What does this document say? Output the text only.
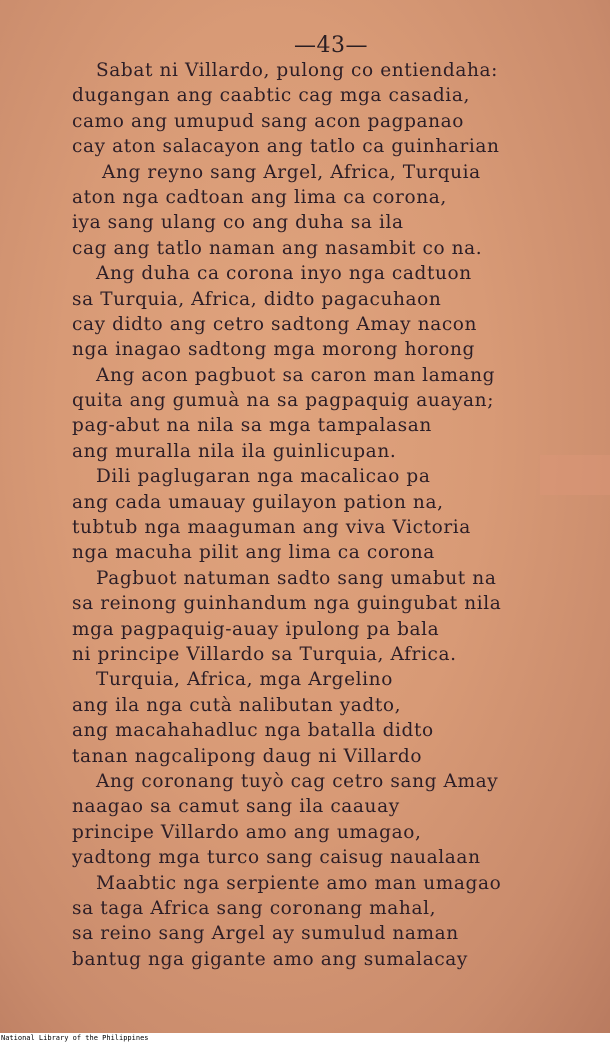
—43—
Sabat ni Villardo, pulong co entiendaha:
dugangan ang caabtic cag mga casadia,
camo ang umupud sang acon pagpanao
cay aton salacayon ang tatlo ca guinharian
Ang reyno sang Argel, Africa, Turquia
aton nga cadtoan ang lima ca corona,
iya sang ulang co ang duha sa ila
cag ang tatlo naman ang nasambit co na.
Ang duha ca corona inyo nga cadtuon
sa Turquia, Africa, didto pagacuhaon
cay didto ang cetro sadtong Amay nacon
nga inagao sadtong mga morong horong
Ang acon pagbuot sa caron man lamang
quita ang gumuà na sa pagpaquig auayan;
pag-abut na nila sa mga tampalasan
ang muralla nila ila guinlicupan.
Dili paglugaran nga macalicao pa
ang cada umauay guilayon pation na,
tubtub nga maaguman ang viva Victoria
nga macuha pilit ang lima ca corona
Pagbuot natuman sadto sang umabut na
sa reinong guinhandum nga guingubat nila
mga pagpaquig-auay ipulong pa bala
ni principe Villardo sa Turquia, Africa.
Turquia, Africa, mga Argelino
ang ila nga cutà nalibutan yadto,
ang macahahadluc nga batalla didto
tanan nagcalipong daug ni Villardo
Ang coronang tuyò cag cetro sang Amay
naagao sa camut sang ila caauay
principe Villardo amo ang umagao,
yadtong mga turco sang caisug naualaan
Maabtic nga serpiente amo man umagao
sa taga Africa sang coronang mahal,
sa reino sang Argel ay sumulud naman
bantug nga gigante amo ang sumalacay
National Library of the Philippines
